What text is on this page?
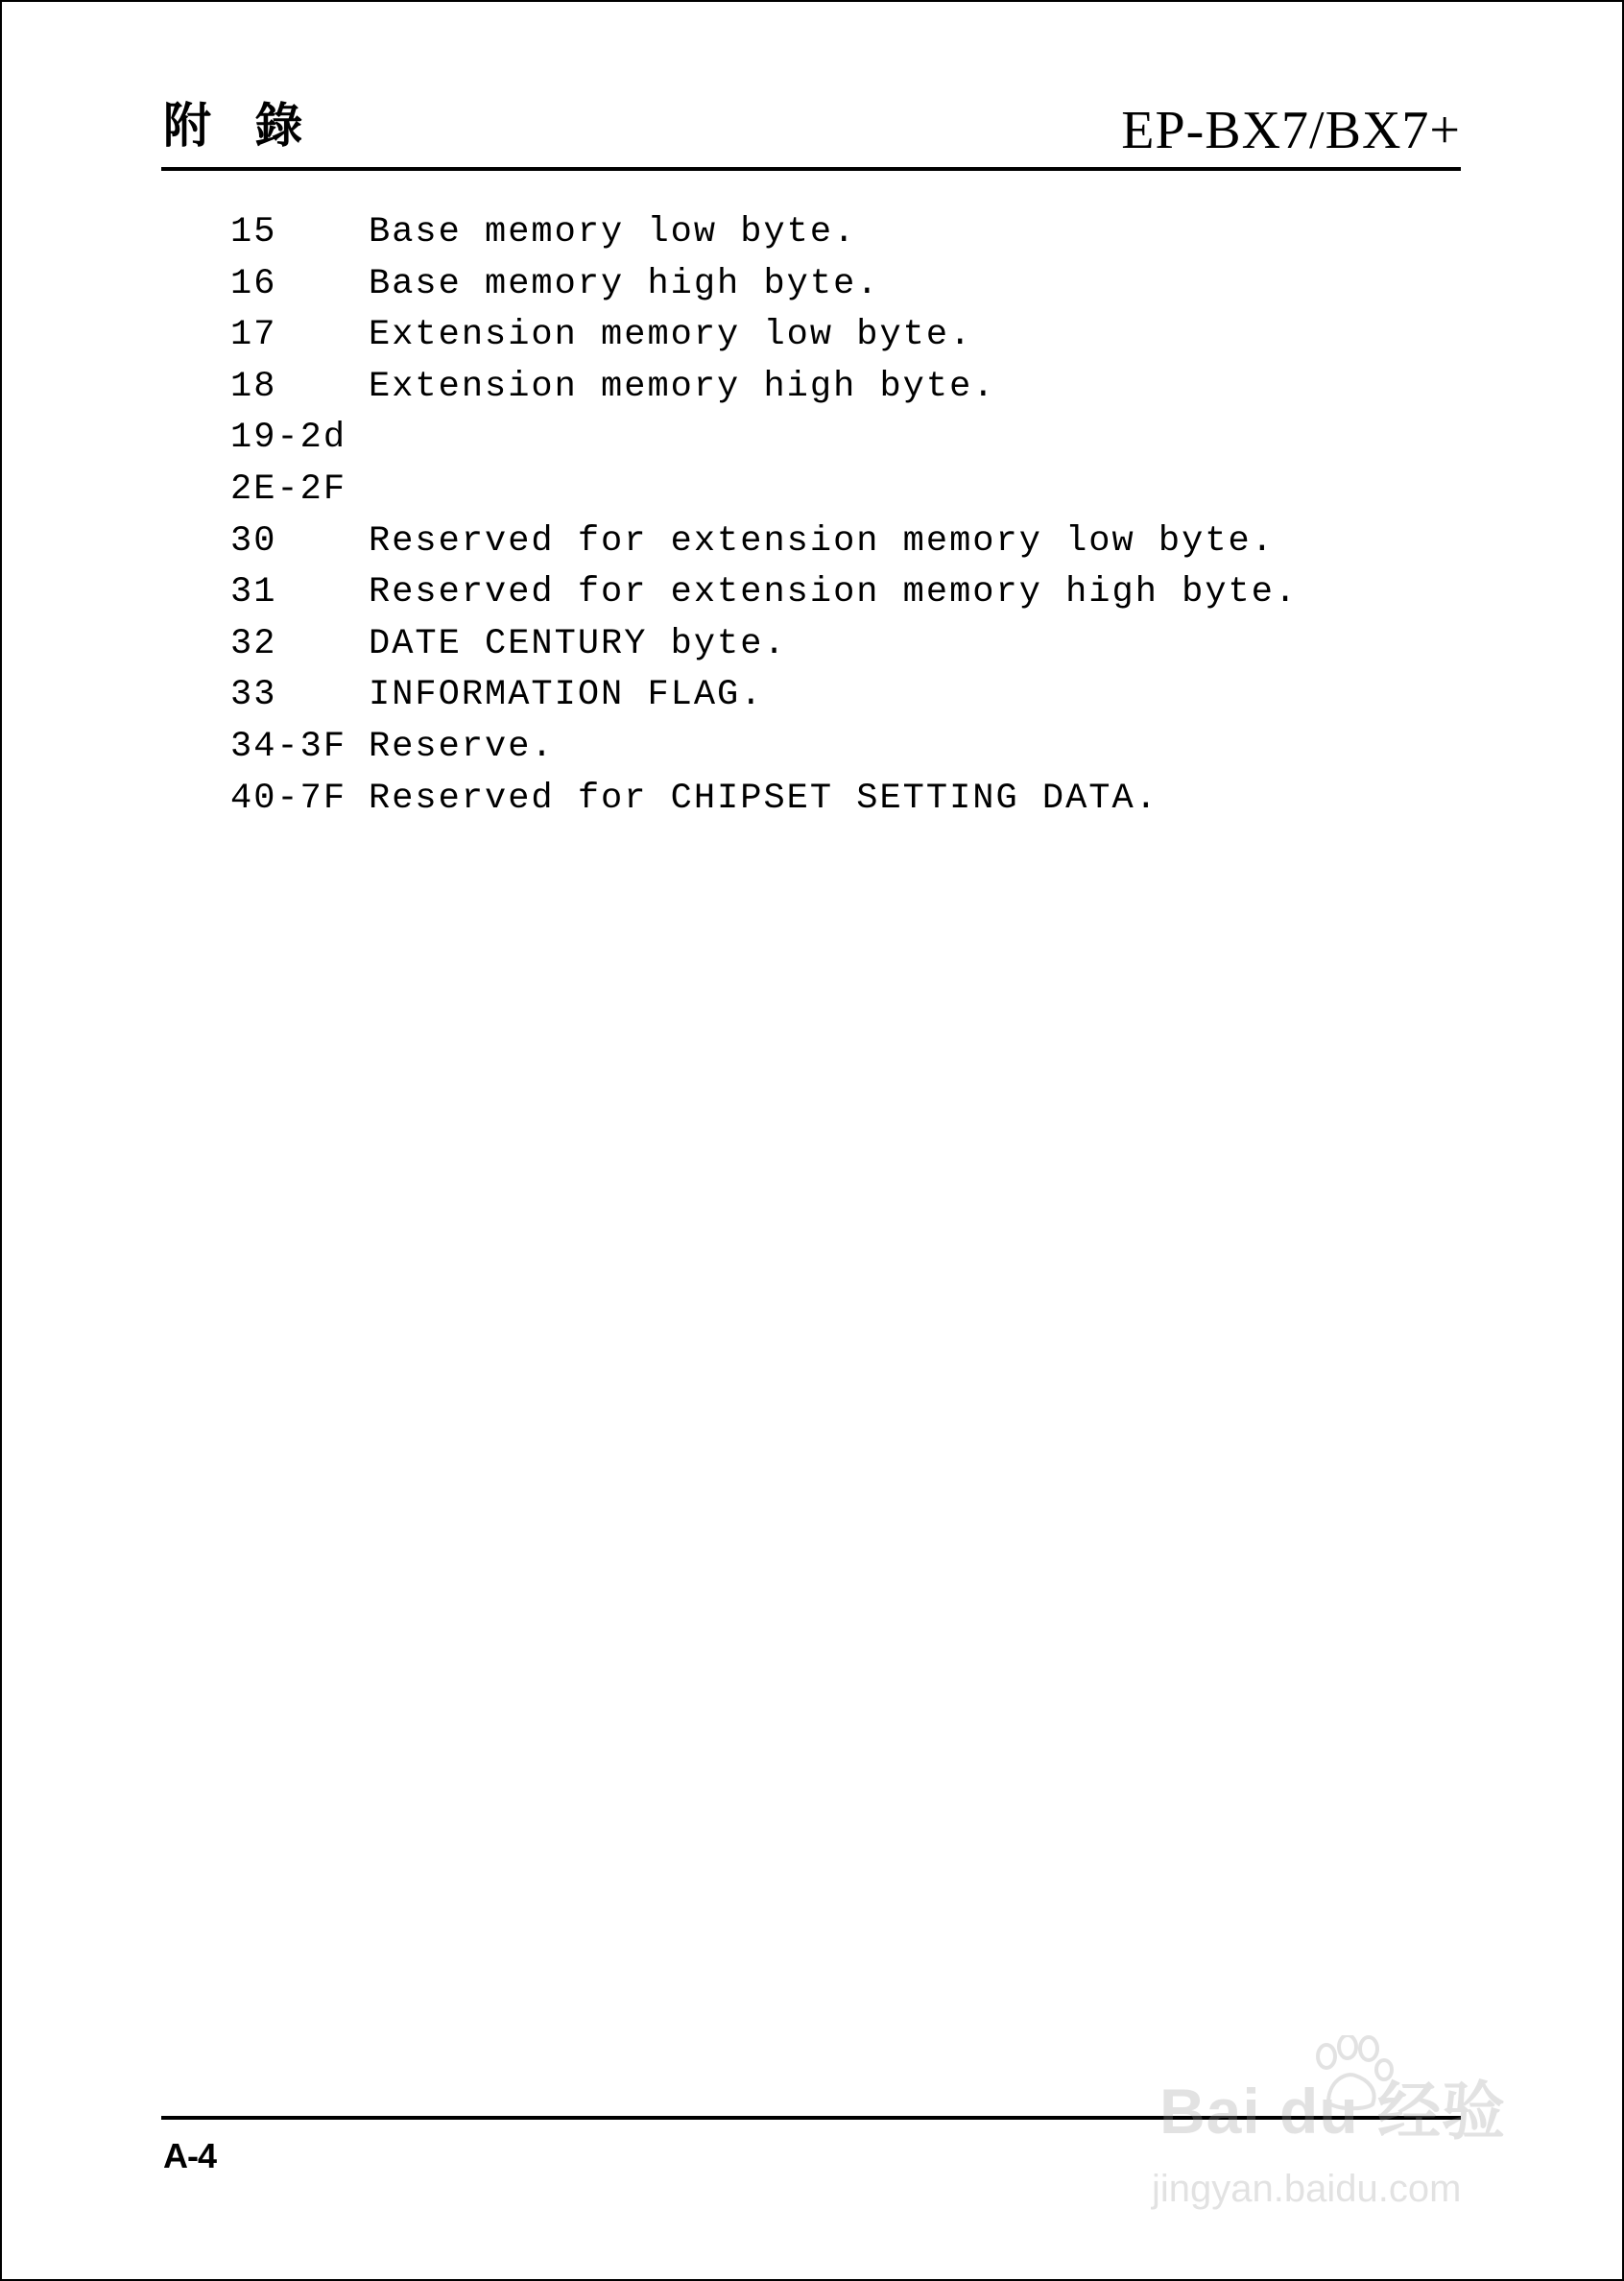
附 錄	EP-BX7/BX7+
15	Base memory low byte.
16	Base memory high byte.
17	Extension memory low byte.
18	Extension memory high byte.
19-2d
2E-2F
30	Reserved for extension memory low byte.
31	Reserved for extension memory high byte.
32	DATE CENTURY byte.
33	INFORMATION FLAG.
34-3F Reserve.
40-7F Reserved for CHIPSET SETTING DATA.
A-4
Bai du 经验
jingyan.baidu.com
